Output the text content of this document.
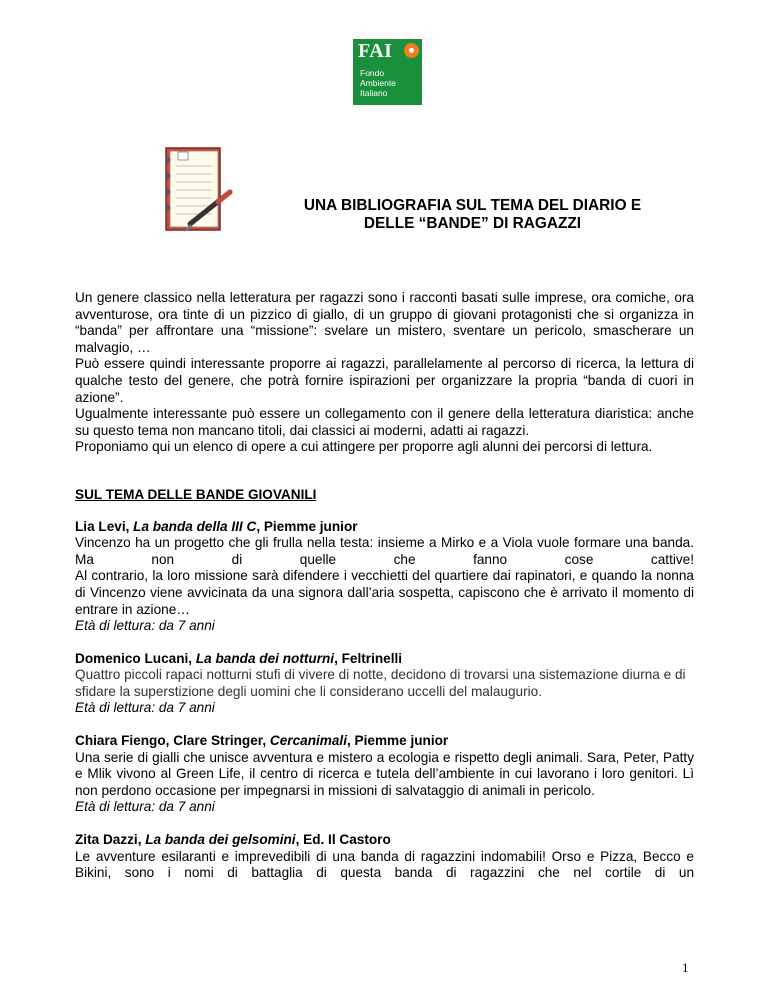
FAI
Fondo
Ambiente
Italiano
UNA BIBLIOGRAFIA SUL TEMA DEL DIARIO E
DELLE “BANDE” DI RAGAZZI

Un genere classico nella letteratura per ragazzi sono i racconti basati sulle imprese, ora comiche, ora avventurose, ora tinte di un pizzico di giallo, di un gruppo di giovani protagonisti che si organizza in “banda” per affrontare una “missione”: svelare un mistero, sventare un pericolo, smascherare un malvagio, …

Può essere quindi interessante proporre ai ragazzi, parallelamente al percorso di ricerca, la lettura di qualche testo del genere, che potrà fornire ispirazioni per organizzare la propria “banda di cuori in azione”.

Ugualmente interessante può essere un collegamento con il genere della letteratura diaristica: anche su questo tema non mancano titoli, dai classici ai moderni, adatti ai ragazzi.

Proponiamo qui un elenco di opere a cui attingere per proporre agli alunni dei percorsi di lettura.

SUL TEMA DELLE BANDE GIOVANILI

Lia Levi, La banda della III C, Piemme junior

Vincenzo ha un progetto che gli frulla nella testa: insieme a Mirko e a Viola vuole formare una banda. Ma non di quelle che fanno cose cattive!

Al contrario, la loro missione sarà difendere i vecchietti del quartiere dai rapinatori, e quando la nonna di Vincenzo viene avvicinata da una signora dall’aria sospetta, capiscono che è arrivato il momento di entrare in azione…

Età di lettura: da 7 anni

Domenico Lucani, La banda dei notturni, Feltrinelli

Quattro piccoli rapaci notturni stufi di vivere di notte, decidono di trovarsi una sistemazione diurna e di sfidare la superstizione degli uomini che li considerano uccelli del malaugurio.

Età di lettura: da 7 anni

Chiara Fiengo, Clare Stringer, Cercanimali, Piemme junior

Una serie di gialli che unisce avventura e mistero a ecologia e rispetto degli animali. Sara, Peter, Patty e Mlik vivono al Green Life, il centro di ricerca e tutela dell’ambiente in cui lavorano i loro genitori. Lì non perdono occasione per impegnarsi in missioni di salvataggio di animali in pericolo.

Età di lettura: da 7 anni

Zita Dazzi, La banda dei gelsomini, Ed. Il Castoro

Le avventure esilaranti e imprevedibili di una banda di ragazzini indomabili! Orso e Pizza, Becco e Bikini, sono i nomi di battaglia di questa banda di ragazzini che nel cortile di un

1
